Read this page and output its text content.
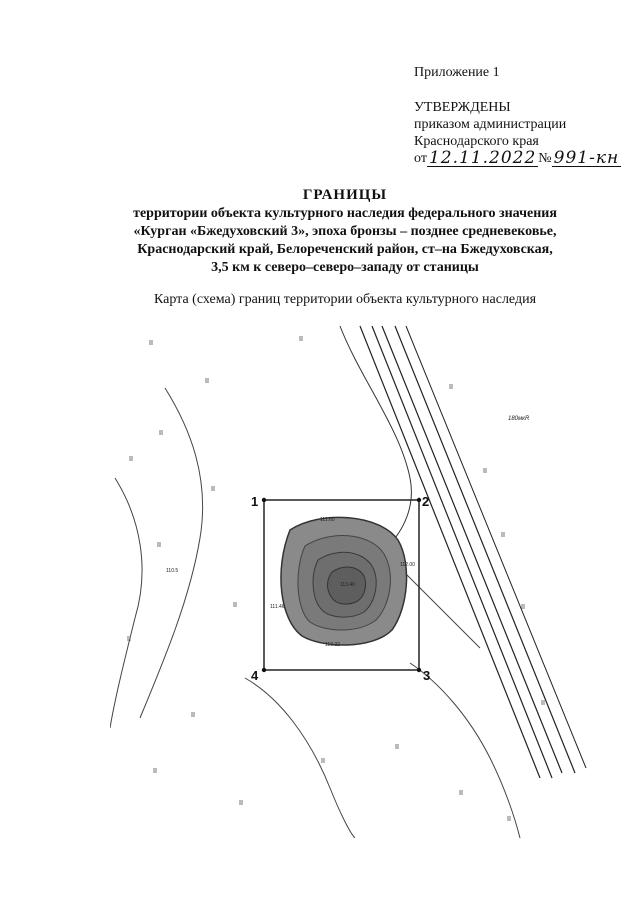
Приложение 1
УТВЕРЖДЕНЫ
приказом администрации
Краснодарского края
от 12.11.2022 № 991-кн
ГРАНИЦЫ
территории объекта культурного наследия федерального значения
«Курган «Бжедуховский 3», эпоха бронзы – позднее средневековье,
Краснодарский край, Белореченский район, ст–на Бжедуховская,
3,5 км к северо–северо–западу от станицы
Карта (схема) границ территории объекта культурного наследия
1	2
3
4
111.60
112.00
111.46
113.40
110.5
112.22
180мкR
